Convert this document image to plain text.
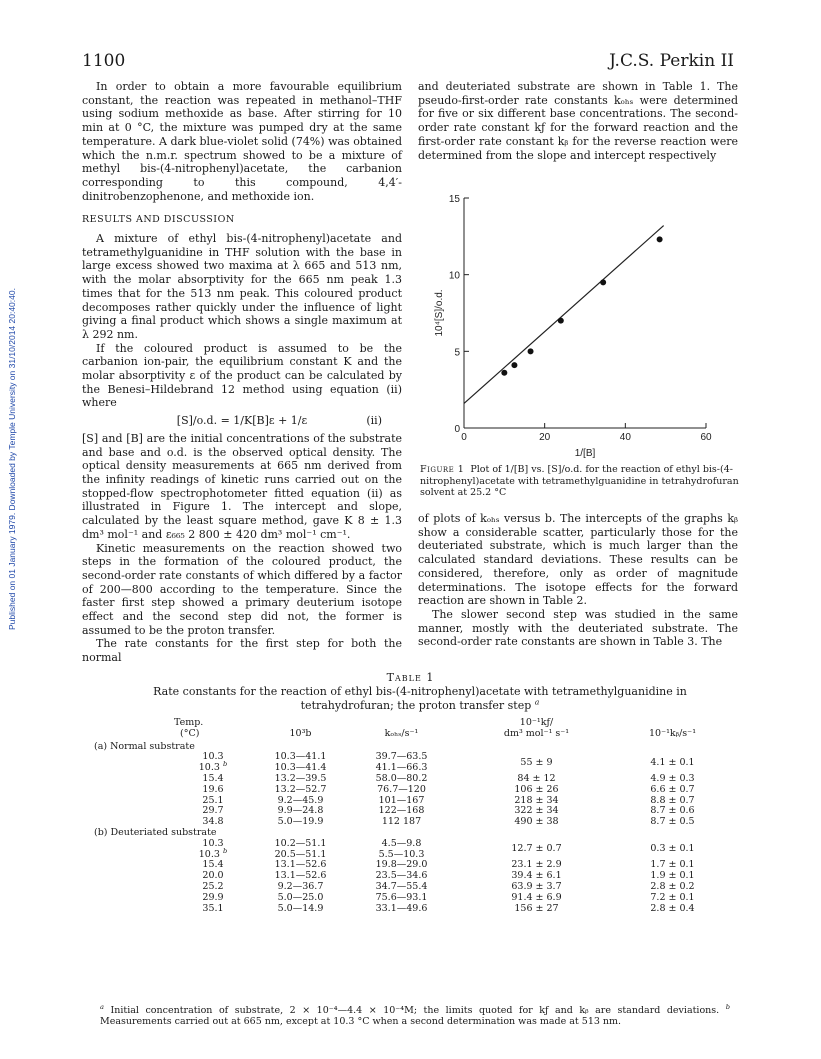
1100	J.C.S. Perkin II
Published on 01 January 1979. Downloaded by Temple University on 31/10/2014 20:40:40.

In order to obtain a more favourable equilibrium constant, the reaction was repeated in methanol–THF using sodium methoxide as base. After stirring for 10 min at 0 °C, the mixture was pumped dry at the same temperature. A dark blue-violet solid (74%) was obtained which the n.m.r. spectrum showed to be a mixture of methyl bis-(4-nitrophenyl)acetate, the carbanion corresponding to this compound, 4,4′-dinitrobenzophenone, and methoxide ion.

RESULTS AND DISCUSSION

A mixture of ethyl bis-(4-nitrophenyl)acetate and tetramethylguanidine in THF solution with the base in large excess showed two maxima at λ 665 and 513 nm, with the molar absorptivity for the 665 nm peak 1.3 times that for the 513 nm peak. This coloured product decomposes rather quickly under the influence of light giving a final product which shows a single maximum at λ 292 nm.

If the coloured product is assumed to be the carbanion ion-pair, the equilibrium constant K and the molar absorptivity ε of the product can be calculated by the Benesi–Hildebrand 12 method using equation (ii) where

[S]/o.d. = 1/K[B]ε + 1/ε	(ii)

[S] and [B] are the initial concentrations of the substrate and base and o.d. is the observed optical density. The optical density measurements at 665 nm derived from the infinity readings of kinetic runs carried out on the stopped-flow spectrophotometer fitted equation (ii) as illustrated in Figure 1. The intercept and slope, calculated by the least square method, gave K 8 ± 1.3 dm³ mol⁻¹ and ε₆₆₅ 2 800 ± 420 dm³ mol⁻¹ cm⁻¹.

Kinetic measurements on the reaction showed two steps in the formation of the coloured product, the second-order rate constants of which differed by a factor of 200—800 according to the temperature. Since the faster first step showed a primary deuterium isotope effect and the second step did not, the former is assumed to be the proton transfer.

The rate constants for the first step for both the normal

and deuteriated substrate are shown in Table 1. The pseudo-first-order rate constants kₒₕₛ were determined for five or six different base concentrations. The second-order rate constant kƒ for the forward reaction and the first-order rate constant kᵦ for the reverse reaction were determined from the slope and intercept respectively

0	20	40	60
0
5
10
15
10⁴[S]/o.d.
1/[B]
Figure 1 Plot of 1/[B] vs. [S]/o.d. for the reaction of ethyl bis-(4-nitrophenyl)acetate with tetramethylguanidine in tetrahydrofuran solvent at 25.2 °C

of plots of kₒₕₛ versus b. The intercepts of the graphs kᵦ show a considerable scatter, particularly those for the deuteriated substrate, which is much larger than the calculated standard deviations. These results can be considered, therefore, only as order of magnitude determinations. The isotope effects for the forward reaction are shown in Table 2.

The slower second step was studied in the same manner, mostly with the deuteriated substrate. The second-order rate constants are shown in Table 3. The

Table 1
Rate constants for the reaction of ethyl bis-(4-nitrophenyl)acetate with tetramethylguanidine in tetrahydrofuran; the proton transfer step $^a$
	Temp.
(°C)	10³b	kₒₕₛ/s⁻¹	10⁻¹kƒ/
dm³ mol⁻¹ s⁻¹	10⁻¹kᵦ/s⁻¹
(a) Normal substrate					
	10.3	10.3—41.1	39.7—63.5	55 ± 9	4.1 ± 0.1
	10.3 $^b$	10.3—41.4	41.1—66.3		
	15.4	13.2—39.5	58.0—80.2	84 ± 12	4.9 ± 0.3
	19.6	13.2—52.7	76.7—120	106 ± 26	6.6 ± 0.7
	25.1	9.2—45.9	101—167	218 ± 34	8.8 ± 0.7
	29.7	9.9—24.8	122—168	322 ± 34	8.7 ± 0.6
	34.8	5.0—19.9	112 187	490 ± 38	8.7 ± 0.5
(b) Deuteriated substrate					
	10.3	10.2—51.1	4.5—9.8	12.7 ± 0.7	0.3 ± 0.1
	10.3 $^b$	20.5—51.1	5.5—10.3		
	15.4	13.1—52.6	19.8—29.0	23.1 ± 2.9	1.7 ± 0.1
	20.0	13.1—52.6	23.5—34.6	39.4 ± 6.1	1.9 ± 0.1
	25.2	9.2—36.7	34.7—55.4	63.9 ± 3.7	2.8 ± 0.2
	29.9	5.0—25.0	75.6—93.1	91.4 ± 6.9	7.2 ± 0.1
	35.1	5.0—14.9	33.1—49.6	156 ± 27	2.8 ± 0.4
$^a$ Initial concentration of substrate, 2 × 10⁻⁴—4.4 × 10⁻⁴M; the limits quoted for kƒ and kᵦ are standard deviations. $^b$ Measurements carried out at 665 nm, except at 10.3 °C when a second determination was made at 513 nm.
